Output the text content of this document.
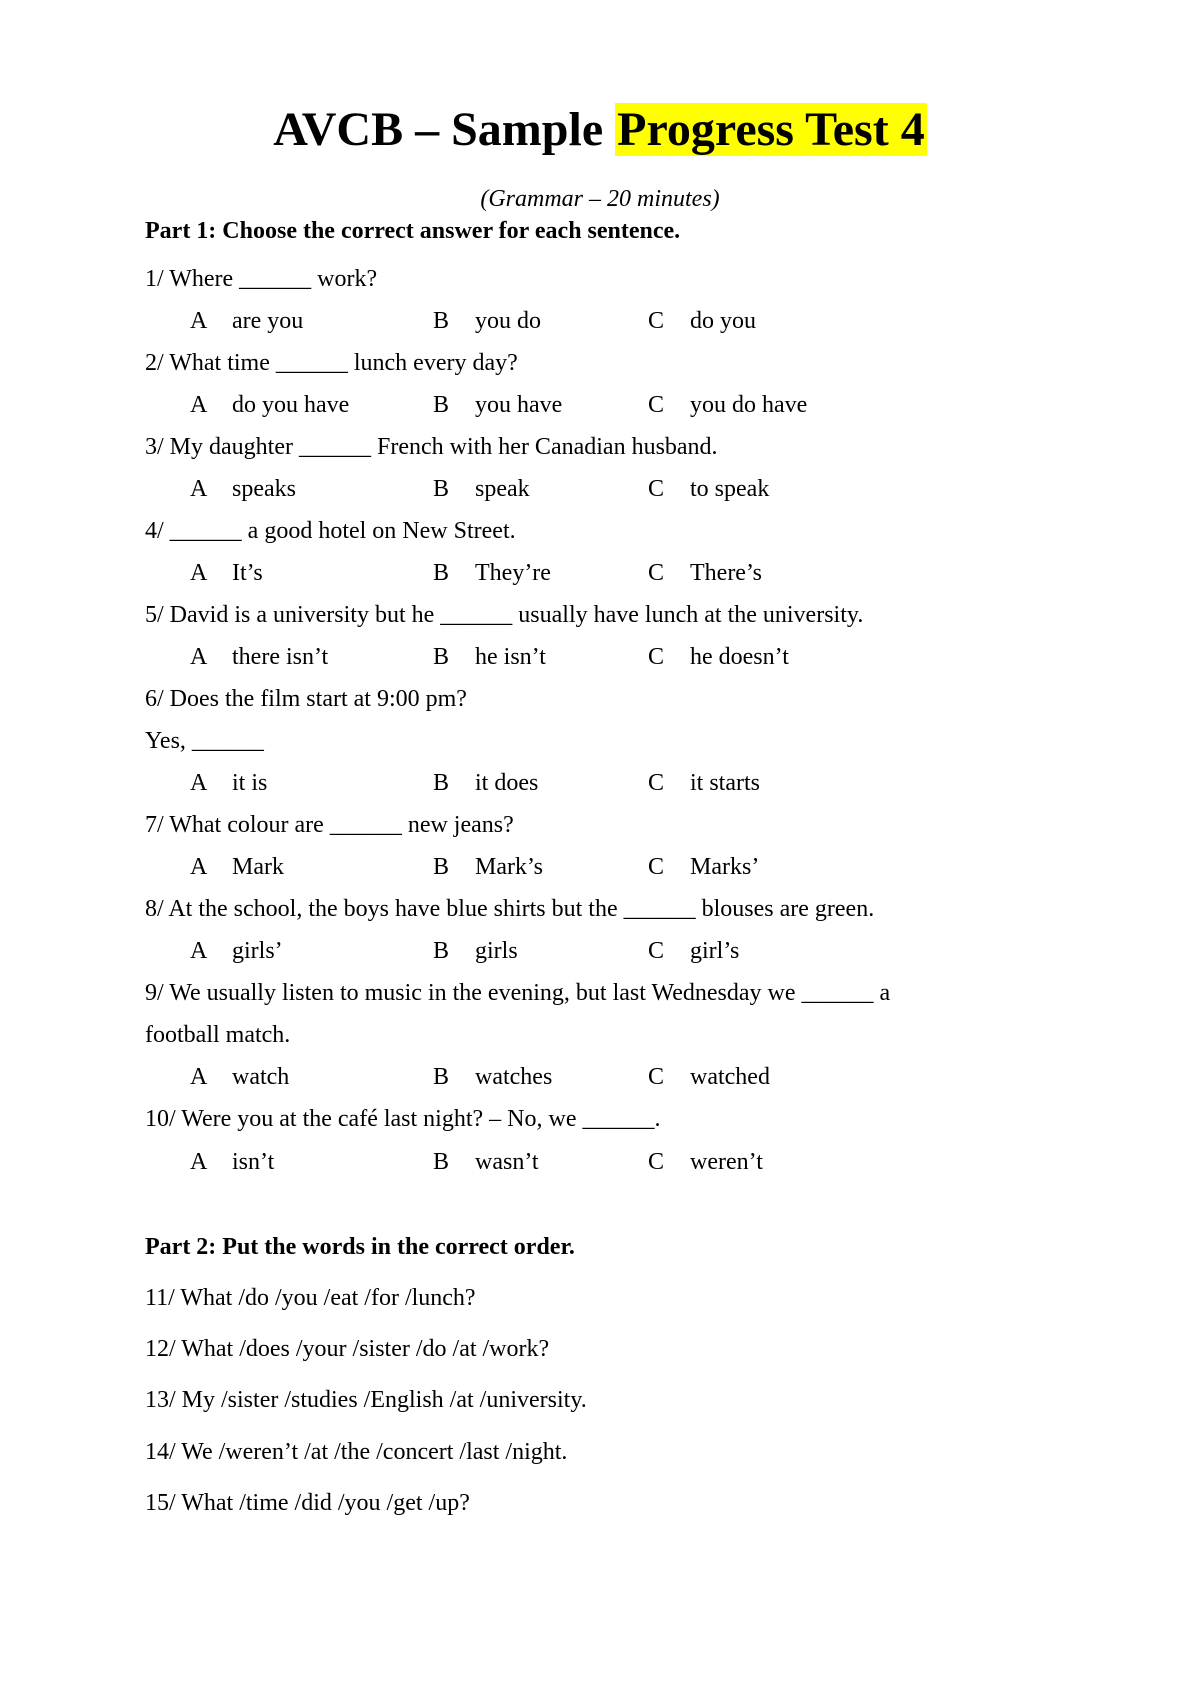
AVCB – Sample Progress Test 4
(Grammar – 20 minutes)
Part 1: Choose the correct answer for each sentence.
1/ Where ______ work?
A are you	B you do	C do you
2/ What time ______ lunch every day?
A do you have	B you have	C you do have
3/ My daughter ______ French with her Canadian husband.
A speaks	B speak	C to speak
4/ ______ a good hotel on New Street.
A It’s	B They’re	C There’s
5/ David is a university but he ______ usually have lunch at the university.
A there isn’t	B he isn’t	C he doesn’t
6/ Does the film start at 9:00 pm?
Yes, ______
A it is	B it does	C it starts
7/ What colour are ______ new jeans?
A Mark	B Mark’s	C Marks’
8/ At the school, the boys have blue shirts but the ______ blouses are green.
A girls’	B girls	C girl’s
9/ We usually listen to music in the evening, but last Wednesday we ______ a
football match.
A watch	B watches	C watched
10/ Were you at the café last night? – No, we ______.
A isn’t	B wasn’t	C weren’t
Part 2: Put the words in the correct order.
11/ What /do /you /eat /for /lunch?
12/ What /does /your /sister /do /at /work?
13/ My /sister /studies /English /at /university.
14/ We /weren’t /at /the /concert /last /night.
15/ What /time /did /you /get /up?
